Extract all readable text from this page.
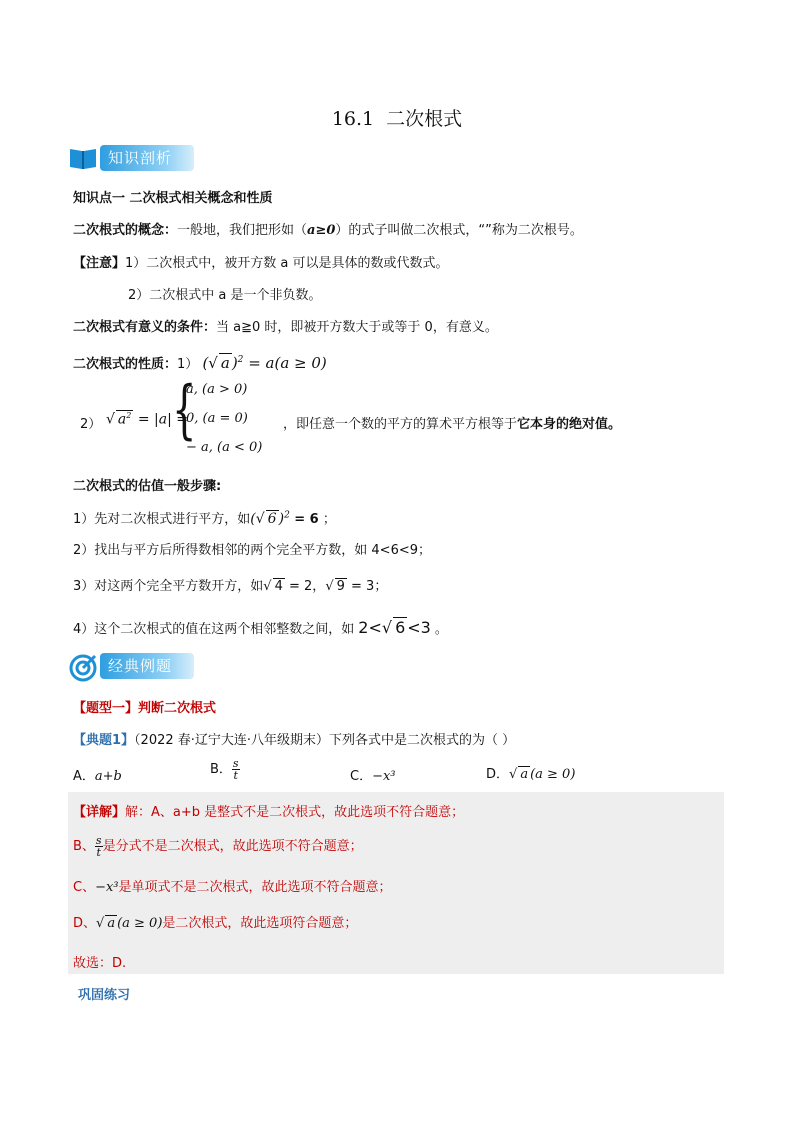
16.1 二次根式
知识剖析
知识点一 二次根式相关概念和性质
二次根式的概念：一般地，我们把形如（a≥0）的式子叫做二次根式，“”称为二次根号。
【注意】1）二次根式中，被开方数 a 可以是具体的数或代数式。
2）二次根式中 a 是一个非负数。
二次根式有意义的条件：当 a≧0 时，即被开方数大于或等于 0，有意义。
二次根式的性质：1） (√ a )$^2$ = a(a ≥ 0)
2） √ $a^2 = |a|$ =
{
a, (a > 0)
0, (a = 0)
− a, (a < 0)
，即任意一个数的平方的算术平方根等于它本身的绝对值。
二次根式的估值一般步骤:
1）先对二次根式进行平方，如(√ 6 )$^2$ = 6 ；
2）找出与平方后所得数相邻的两个完全平方数，如 4<6<9；
3）对这两个完全平方数开方，如√ 4 = 2，√ 9 = 3；
4）这个二次根式的值在这两个相邻整数之间，如 2<√ 6 <3 。
经典例题
【题型一】判断二次根式
【典题1】（2022 春·辽宁大连·八年级期末）下列各式中是二次根式的为（ ）
A．a+b	B． $\frac{s}{t}$	C．−x³	D．√ a (a ≥ 0)
【详解】解：A、a+b 是整式不是二次根式，故此选项不符合题意；
B、 $\frac{s}{t}$ 是分式不是二次根式，故此选项不符合题意；
C、−x³是单项式不是二次根式，故此选项不符合题意；
D、√ a (a ≥ 0)是二次根式，故此选项符合题意；
故选：D.
巩固练习
